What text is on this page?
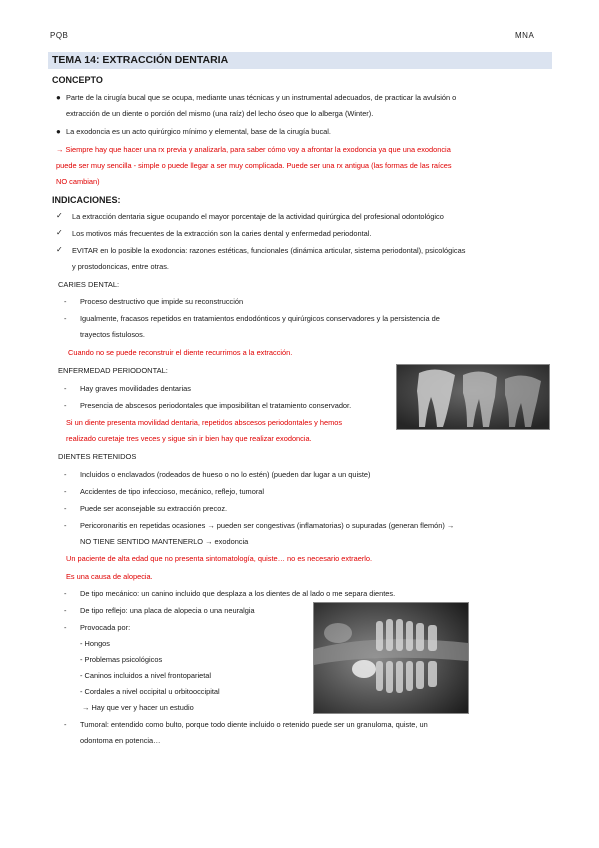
PQB	MNA
TEMA 14: EXTRACCIÓN DENTARIA
CONCEPTO
● Parte de la cirugía bucal que se ocupa, mediante unas técnicas y un instrumental adecuados, de practicar la avulsión o
extracción de un diente o porción del mismo (una raíz) del lecho óseo que lo alberga (Winter).
● La exodoncia es un acto quirúrgico mínimo y elemental, base de la cirugía bucal.
→ Siempre hay que hacer una rx previa y analizarla, para saber cómo voy a afrontar la exodoncia ya que una exodoncia
puede ser muy sencilla - simple o puede llegar a ser muy complicada. Puede ser una rx antigua (las formas de las raíces
NO cambian)
INDICACIONES:
✓ La extracción dentaria sigue ocupando el mayor porcentaje de la actividad quirúrgica del profesional odontológico
✓ Los motivos más frecuentes de la extracción son la caries dental y enfermedad periodontal.
✓ EVITAR en lo posible la exodoncia: razones estéticas, funcionales (dinámica articular, sistema periodontal), psicológicas
y prostodoncicas, entre otras.
CARIES DENTAL:
- Proceso destructivo que impide su reconstrucción
- Igualmente, fracasos repetidos en tratamientos endodónticos y quirúrgicos conservadores y la persistencia de
trayectos fistulosos.
Cuando no se puede reconstruir el diente recurrimos a la extracción.
ENFERMEDAD PERIODONTAL:
- Hay graves movilidades dentarias
- Presencia de abscesos periodontales que imposibilitan el tratamiento conservador.
Si un diente presenta movilidad dentaria, repetidos abscesos periodontales y hemos
realizado curetaje tres veces y sigue sin ir bien hay que realizar exodoncia.
DIENTES RETENIDOS
- Incluidos o enclavados (rodeados de hueso o no lo estén) (pueden dar lugar a un quiste)
- Accidentes de tipo infeccioso, mecánico, reflejo, tumoral
- Puede ser aconsejable su extracción precoz.
- Pericoronaritis en repetidas ocasiones → pueden ser congestivas (inflamatorias) o supuradas (generan flemón) →
NO TIENE SENTIDO MANTENERLO → exodoncia
Un paciente de alta edad que no presenta sintomatología, quiste… no es necesario extraerlo.
Es una causa de alopecia.
- De tipo mecánico: un canino incluido que desplaza a los dientes de al lado o me separa dientes.
- De tipo reflejo: una placa de alopecia o una neuralgia
- Provocada por:
- Hongos
- Problemas psicológicos
- Caninos incluidos a nivel frontoparietal
- Cordales a nivel occipital u orbitooccipital
→ Hay que ver y hacer un estudio
- Tumoral: entendido como bulto, porque todo diente incluido o retenido puede ser un granuloma, quiste, un
odontoma en potencia…
